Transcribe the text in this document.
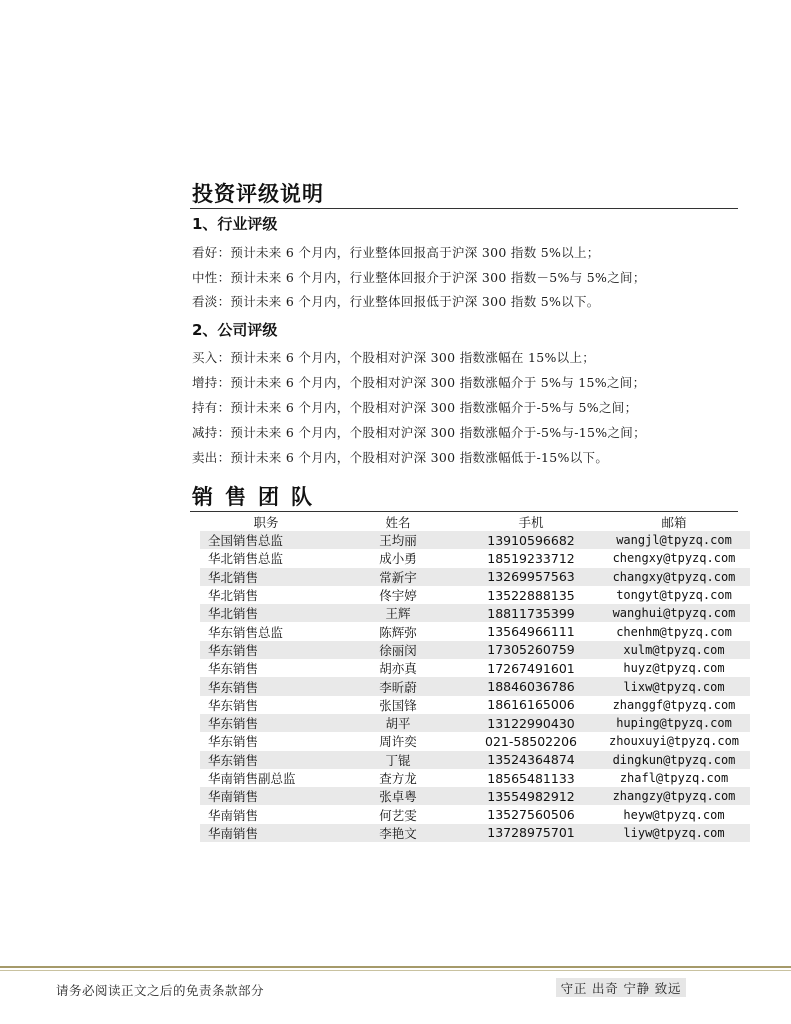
投资评级说明
1、行业评级

看好：预计未来 6 个月内，行业整体回报高于沪深 300 指数 5%以上；

中性：预计未来 6 个月内，行业整体回报介于沪深 300 指数－5%与 5%之间；

看淡：预计未来 6 个月内，行业整体回报低于沪深 300 指数 5%以下。

2、公司评级

买入：预计未来 6 个月内，个股相对沪深 300 指数涨幅在 15%以上；

增持：预计未来 6 个月内，个股相对沪深 300 指数涨幅介于 5%与 15%之间；

持有：预计未来 6 个月内，个股相对沪深 300 指数涨幅介于-5%与 5%之间；

减持：预计未来 6 个月内，个股相对沪深 300 指数涨幅介于-5%与-15%之间；

卖出：预计未来 6 个月内，个股相对沪深 300 指数涨幅低于-15%以下。

销售团队
职务	姓名	手机	邮箱
全国销售总监	王均丽	13910596682	wangjl@tpyzq.com
华北销售总监	成小勇	18519233712	chengxy@tpyzq.com
华北销售	常新宇	13269957563	changxy@tpyzq.com
华北销售	佟宇婷	13522888135	tongyt@tpyzq.com
华北销售	王辉	18811735399	wanghui@tpyzq.com
华东销售总监	陈辉弥	13564966111	chenhm@tpyzq.com
华东销售	徐丽闵	17305260759	xulm@tpyzq.com
华东销售	胡亦真	17267491601	huyz@tpyzq.com
华东销售	李昕蔚	18846036786	lixw@tpyzq.com
华东销售	张国锋	18616165006	zhanggf@tpyzq.com
华东销售	胡平	13122990430	huping@tpyzq.com
华东销售	周许奕	021-58502206	zhouxuyi@tpyzq.com
华东销售	丁锟	13524364874	dingkun@tpyzq.com
华南销售副总监	查方龙	18565481133	zhafl@tpyzq.com
华南销售	张卓粤	13554982912	zhangzy@tpyzq.com
华南销售	何艺雯	13527560506	heyw@tpyzq.com
华南销售	李艳文	13728975701	liyw@tpyzq.com

请务必阅读正文之后的免责条款部分	守正 出奇 宁静 致远
